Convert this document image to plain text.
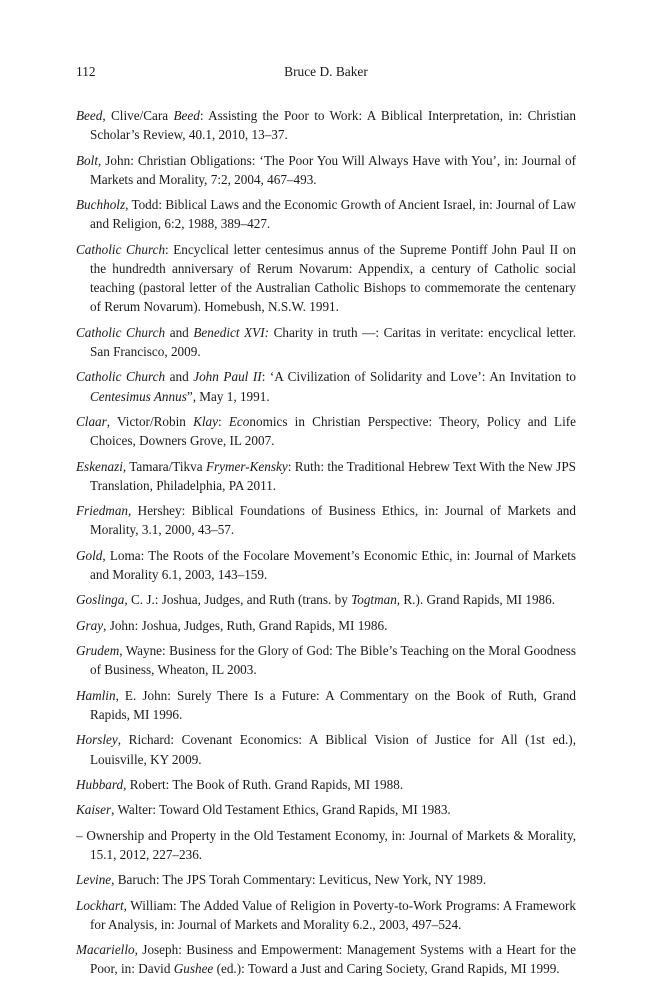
112	Bruce D. Baker

Beed, Clive/Cara Beed: Assisting the Poor to Work: A Biblical Interpretation, in: Christian Scholar’s Review, 40.1, 2010, 13–37.

Bolt, John: Christian Obligations: ‘The Poor You Will Always Have with You’, in: Journal of Markets and Morality, 7:2, 2004, 467–493.

Buchholz, Todd: Biblical Laws and the Economic Growth of Ancient Israel, in: Journal of Law and Religion, 6:2, 1988, 389–427.

Catholic Church: Encyclical letter centesimus annus of the Supreme Pontiff John Paul II on the hundredth anniversary of Rerum Novarum: Appendix, a century of Catholic social teaching (pastoral letter of the Australian Catholic Bishops to commemorate the centenary of Rerum Novarum). Homebush, N.S.W. 1991.

Catholic Church and Benedict XVI: Charity in truth —: Caritas in veritate: encyclical letter. San Francisco, 2009.

Catholic Church and John Paul II: ‘A Civilization of Solidarity and Love’: An Invitation to Centesimus Annus”, May 1, 1991.

Claar, Victor/Robin Klay: Economics in Christian Perspective: Theory, Policy and Life Choices, Downers Grove, IL 2007.

Eskenazi, Tamara/Tikva Frymer-Kensky: Ruth: the Traditional Hebrew Text With the New JPS Translation, Philadelphia, PA 2011.

Friedman, Hershey: Biblical Foundations of Business Ethics, in: Journal of Markets and Morality, 3.1, 2000, 43–57.

Gold, Loma: The Roots of the Focolare Movement’s Economic Ethic, in: Journal of Markets and Morality 6.1, 2003, 143–159.

Goslinga, C. J.: Joshua, Judges, and Ruth (trans. by Togtman, R.). Grand Rapids, MI 1986.

Gray, John: Joshua, Judges, Ruth, Grand Rapids, MI 1986.

Grudem, Wayne: Business for the Glory of God: The Bible’s Teaching on the Moral Goodness of Business, Wheaton, IL 2003.

Hamlin, E. John: Surely There Is a Future: A Commentary on the Book of Ruth, Grand Rapids, MI 1996.

Horsley, Richard: Covenant Economics: A Biblical Vision of Justice for All (1st ed.), Louisville, KY 2009.

Hubbard, Robert: The Book of Ruth. Grand Rapids, MI 1988.

Kaiser, Walter: Toward Old Testament Ethics, Grand Rapids, MI 1983.

– Ownership and Property in the Old Testament Economy, in: Journal of Markets & Morality, 15.1, 2012, 227–236.

Levine, Baruch: The JPS Torah Commentary: Leviticus, New York, NY 1989.

Lockhart, William: The Added Value of Religion in Poverty-to-Work Programs: A Framework for Analysis, in: Journal of Markets and Morality 6.2., 2003, 497–524.

Macariello, Joseph: Business and Empowerment: Management Systems with a Heart for the Poor, in: David Gushee (ed.): Toward a Just and Caring Society, Grand Rapids, MI 1999.
